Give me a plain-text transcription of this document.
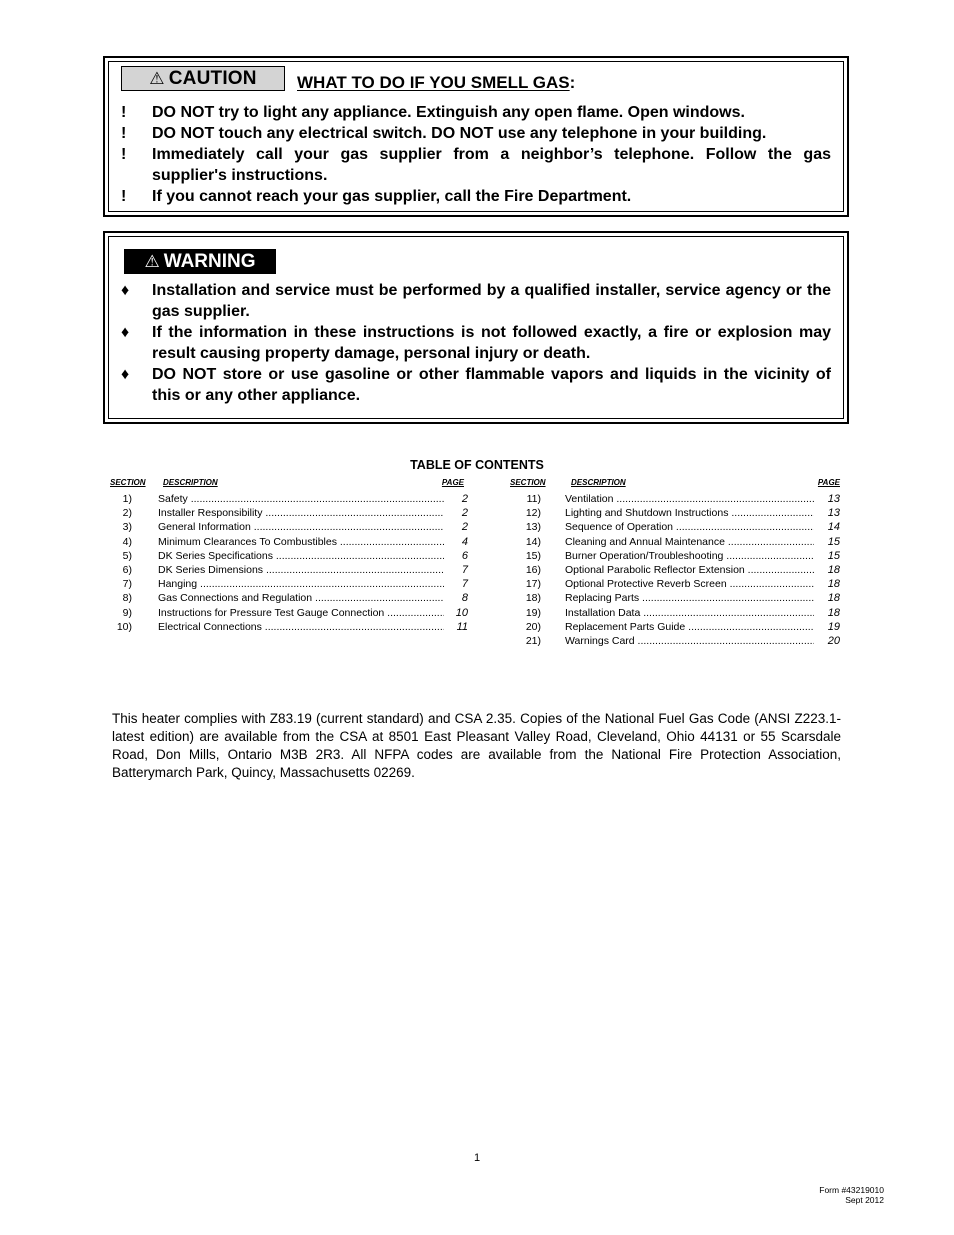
⚠ CAUTION WHAT TO DO IF YOU SMELL GAS:
!	DO NOT try to light any appliance. Extinguish any open flame. Open windows.
!	DO NOT touch any electrical switch. DO NOT use any telephone in your building.
!	Immediately call your gas supplier from a neighbor’s telephone. Follow the gas supplier's instructions.
!	If you cannot reach your gas supplier, call the Fire Department.
⚠ WARNING
♦	Installation and service must be performed by a qualified installer, service agency or the gas supplier.
♦	If the information in these instructions is not followed exactly, a fire or explosion may result causing property damage, personal injury or death.
♦	DO NOT store or use gasoline or other flammable vapors and liquids in the vicinity of this or any other appliance.
TABLE OF CONTENTS
SECTION DESCRIPTION	PAGE
1) Safety .....	2
2) Installer Responsibility .....	2
3) General Information .....	2
4) Minimum Clearances To Combustibles .....	4
5) DK Series Specifications .....	6
6) DK Series Dimensions .....	7
7) Hanging .....	7
8) Gas Connections and Regulation .....	8
9) Instructions for Pressure Test Gauge Connection .....	10
10) Electrical Connections .....	11
SECTION	DESCRIPTION	PAGE
11) Ventilation .....	13
12) Lighting and Shutdown Instructions .....	13
13) Sequence of Operation .....	14
14) Cleaning and Annual Maintenance .....	15
15) Burner Operation/Troubleshooting .....	15
16) Optional Parabolic Reflector Extension .....	18
17) Optional Protective Reverb Screen .....	18
18) Replacing Parts .....	18
19) Installation Data .....	18
20) Replacement Parts Guide .....	19
21) Warnings Card .....	20
This heater complies with Z83.19 (current standard) and CSA 2.35. Copies of the National Fuel Gas Code (ANSI Z223.1-latest edition) are available from the CSA at 8501 East Pleasant Valley Road, Cleveland, Ohio 44131 or 55 Scarsdale Road, Don Mills, Ontario M3B 2R3. All NFPA codes are available from the National Fire Protection Association, Batterymarch Park, Quincy, Massachusetts 02269.
1
Form #43219010
Sept 2012
